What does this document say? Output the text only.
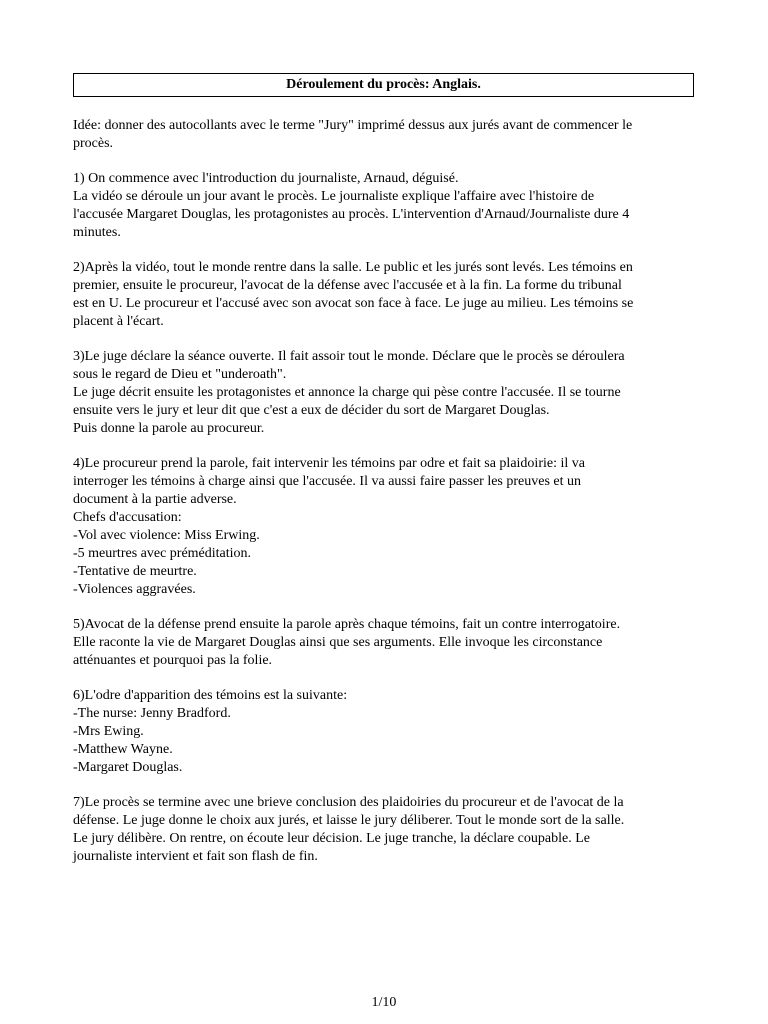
Déroulement du procès: Anglais.

Idée: donner des autocollants avec le terme "Jury" imprimé dessus aux jurés avant de commencer le
procès.

1) On commence avec l'introduction du journaliste, Arnaud, déguisé.
La vidéo se déroule un jour avant le procès. Le journaliste explique l'affaire avec l'histoire de
l'accusée Margaret Douglas, les protagonistes au procès. L'intervention d'Arnaud/Journaliste dure 4
minutes.

2)Après la vidéo, tout le monde rentre dans la salle. Le public et les jurés sont levés. Les témoins en
premier, ensuite le procureur, l'avocat de la défense avec l'accusée et à la fin. La forme du tribunal
est en U. Le procureur et l'accusé avec son avocat son face à face. Le juge au milieu. Les témoins se
placent à l'écart.

3)Le juge déclare la séance ouverte. Il fait assoir tout le monde. Déclare que le procès se déroulera
sous le regard de Dieu et "underoath".
Le juge décrit ensuite les protagonistes et annonce la charge qui pèse contre l'accusée. Il se tourne
ensuite vers le jury et leur dit que c'est a eux de décider du sort de Margaret Douglas.
Puis donne la parole au procureur.

4)Le procureur prend la parole, fait intervenir les témoins par odre et fait sa plaidoirie: il va
interroger les témoins à charge ainsi que l'accusée. Il va aussi faire passer les preuves et un
document à la partie adverse.
Chefs d'accusation:
-Vol avec violence: Miss Erwing.
-5 meurtres avec préméditation.
-Tentative de meurtre.
-Violences aggravées.

5)Avocat de la défense prend ensuite la parole après chaque témoins, fait un contre interrogatoire.
Elle raconte la vie de Margaret Douglas ainsi que ses arguments. Elle invoque les circonstance
atténuantes et pourquoi pas la folie.

6)L'odre d'apparition des témoins est la suivante:
-The nurse: Jenny Bradford.
-Mrs Ewing.
-Matthew Wayne.
-Margaret Douglas.

7)Le procès se termine avec une brieve conclusion des plaidoiries du procureur et de l'avocat de la
défense. Le juge donne le choix aux jurés, et laisse le jury déliberer. Tout le monde sort de la salle.
Le jury délibère. On rentre, on écoute leur décision. Le juge tranche, la déclare coupable. Le
journaliste intervient et fait son flash de fin.

1/10
